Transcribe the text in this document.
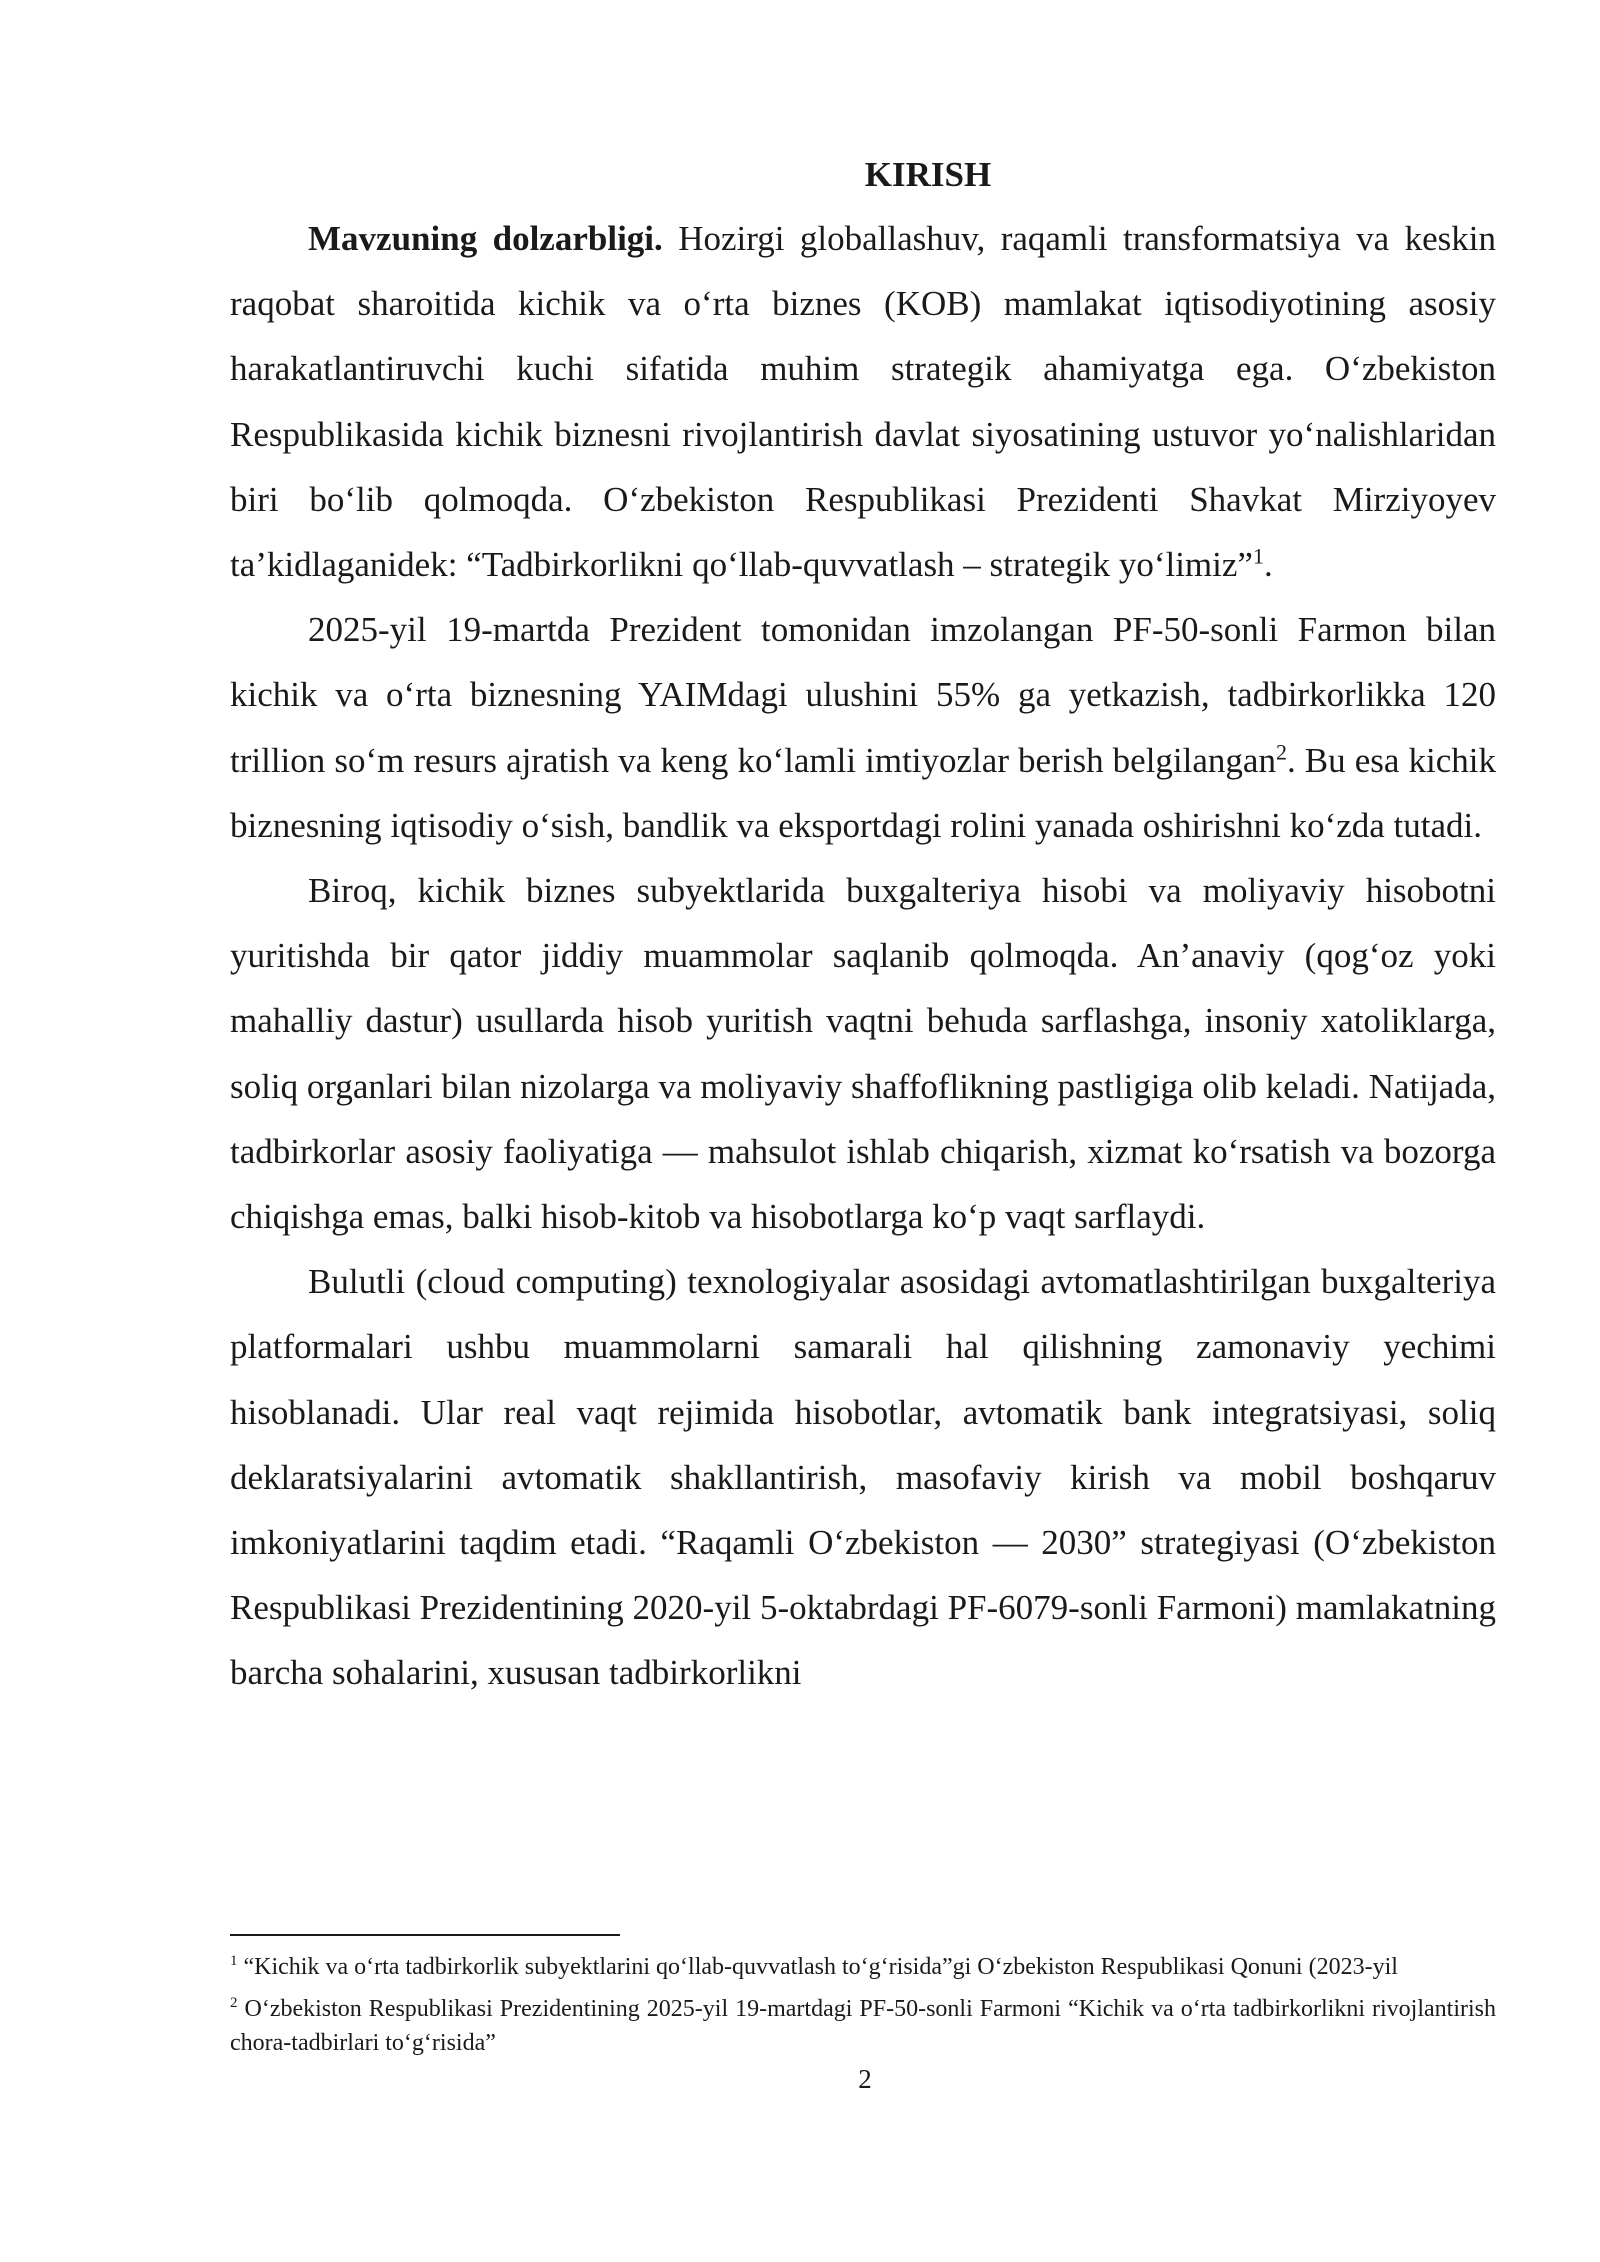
KIRISH

Mavzuning dolzarbligi. Hozirgi globallashuv, raqamli transformatsiya va keskin raqobat sharoitida kichik va o‘rta biznes (KOB) mamlakat iqtisodiyotining asosiy harakatlantiruvchi kuchi sifatida muhim strategik ahamiyatga ega. O‘zbekiston Respublikasida kichik biznesni rivojlantirish davlat siyosatining ustuvor yo‘nalishlaridan biri bo‘lib qolmoqda. O‘zbekiston Respublikasi Prezidenti Shavkat Mirziyoyev ta’kidlaganidek: “Tadbirkorlikni qo‘llab-quvvatlash – strategik yo‘limiz”$^1$.

2025-yil 19-martda Prezident tomonidan imzolangan PF-50-sonli Farmon bilan kichik va o‘rta biznesning YAIMdagi ulushini 55% ga yetkazish, tadbirkorlikka 120 trillion so‘m resurs ajratish va keng ko‘lamli imtiyozlar berish belgilangan$^2$. Bu esa kichik biznesning iqtisodiy o‘sish, bandlik va eksportdagi rolini yanada oshirishni ko‘zda tutadi.

Biroq, kichik biznes subyektlarida buxgalteriya hisobi va moliyaviy hisobotni yuritishda bir qator jiddiy muammolar saqlanib qolmoqda. An’anaviy (qog‘oz yoki mahalliy dastur) usullarda hisob yuritish vaqtni behuda sarflashga, insoniy xatoliklarga, soliq organlari bilan nizolarga va moliyaviy shaffoflikning pastligiga olib keladi. Natijada, tadbirkorlar asosiy faoliyatiga — mahsulot ishlab chiqarish, xizmat ko‘rsatish va bozorga chiqishga emas, balki hisob-kitob va hisobotlarga ko‘p vaqt sarflaydi.

Bulutli (cloud computing) texnologiyalar asosidagi avtomatlashtirilgan buxgalteriya platformalari ushbu muammolarni samarali hal qilishning zamonaviy yechimi hisoblanadi. Ular real vaqt rejimida hisobotlar, avtomatik bank integratsiyasi, soliq deklaratsiyalarini avtomatik shakllantirish, masofaviy kirish va mobil boshqaruv imkoniyatlarini taqdim etadi. “Raqamli O‘zbekiston — 2030” strategiyasi (O‘zbekiston Respublikasi Prezidentining 2020-yil 5-oktabrdagi PF-6079-sonli Farmoni) mamlakatning barcha sohalarini, xususan tadbirkorlikni

$^1$ “Kichik va o‘rta tadbirkorlik subyektlarini qo‘llab-quvvatlash to‘g‘risida”gi O‘zbekiston Respublikasi Qonuni (2023-yil

$^2$ O‘zbekiston Respublikasi Prezidentining 2025-yil 19-martdagi PF-50-sonli Farmoni “Kichik va o‘rta tadbirkorlikni rivojlantirish chora-tadbirlari to‘g‘risida”

2
